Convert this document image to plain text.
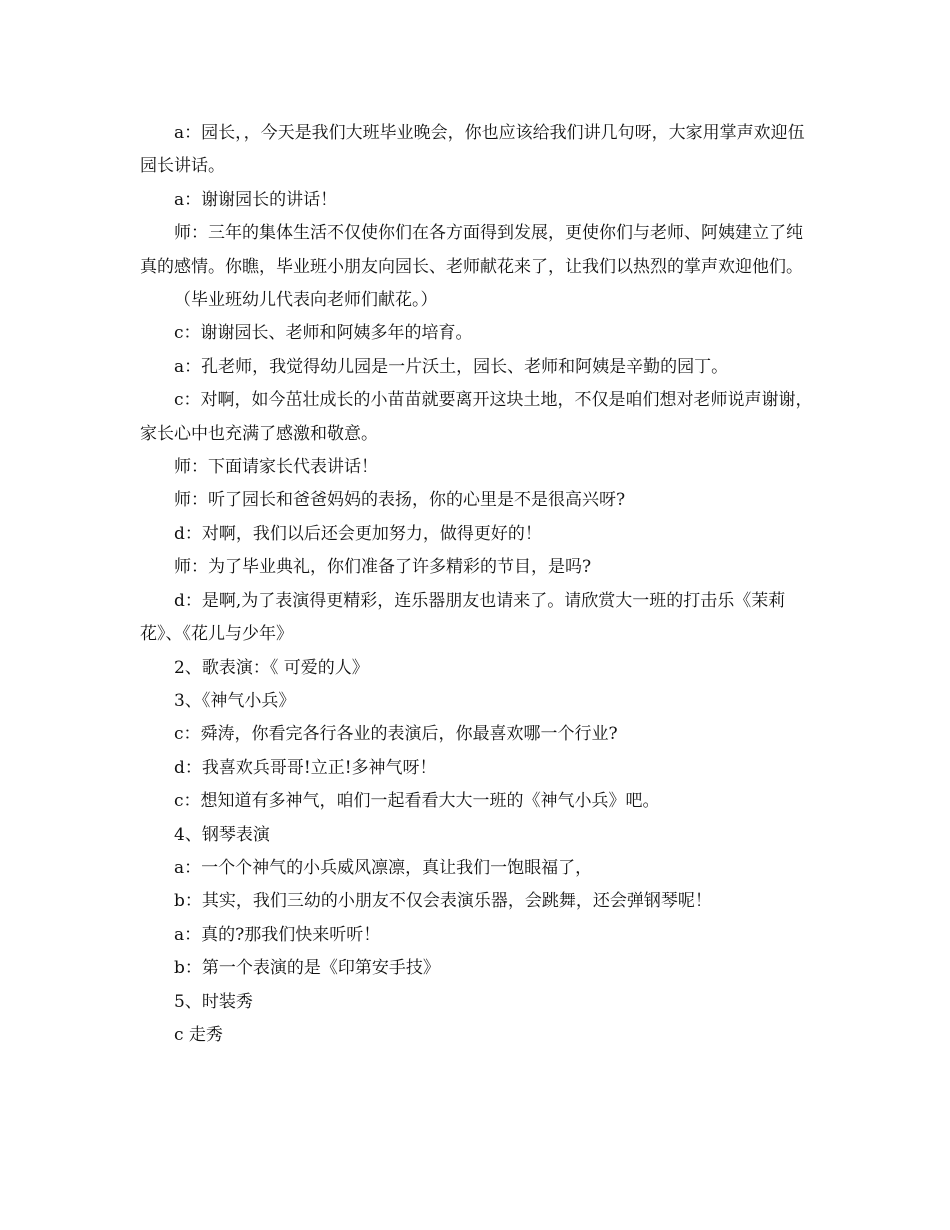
a：园长，，今天是我们大班毕业晚会，你也应该给我们讲几句呀，大家用掌声欢迎伍园长讲话。

a：谢谢园长的讲话！

师：三年的集体生活不仅使你们在各方面得到发展，更使你们与老师、阿姨建立了纯真的感情。你瞧，毕业班小朋友向园长、老师献花来了，让我们以热烈的掌声欢迎他们。

（毕业班幼儿代表向老师们献花。）

c：谢谢园长、老师和阿姨多年的培育。

a：孔老师，我觉得幼儿园是一片沃土，园长、老师和阿姨是辛勤的园丁。

c：对啊，如今茁壮成长的小苗苗就要离开这块土地，不仅是咱们想对老师说声谢谢，家长心中也充满了感激和敬意。

师：下面请家长代表讲话！

师：听了园长和爸爸妈妈的表扬，你的心里是不是很高兴呀?

d：对啊，我们以后还会更加努力，做得更好的！

师：为了毕业典礼，你们准备了许多精彩的节目，是吗?

d：是啊,为了表演得更精彩，连乐器朋友也请来了。请欣赏大一班的打击乐《茉莉花》、《花儿与少年》

2、歌表演：《 可爱的人》

3、《神气小兵》

c：舜涛，你看完各行各业的表演后，你最喜欢哪一个行业?

d：我喜欢兵哥哥!立正!多神气呀！

c：想知道有多神气，咱们一起看看大大一班的《神气小兵》吧。

4、钢琴表演

a：一个个神气的小兵威风凛凛，真让我们一饱眼福了，

b：其实，我们三幼的小朋友不仅会表演乐器，会跳舞，还会弹钢琴呢！

a：真的?那我们快来听听！

b：第一个表演的是《印第安手技》

5、时装秀

c 走秀
